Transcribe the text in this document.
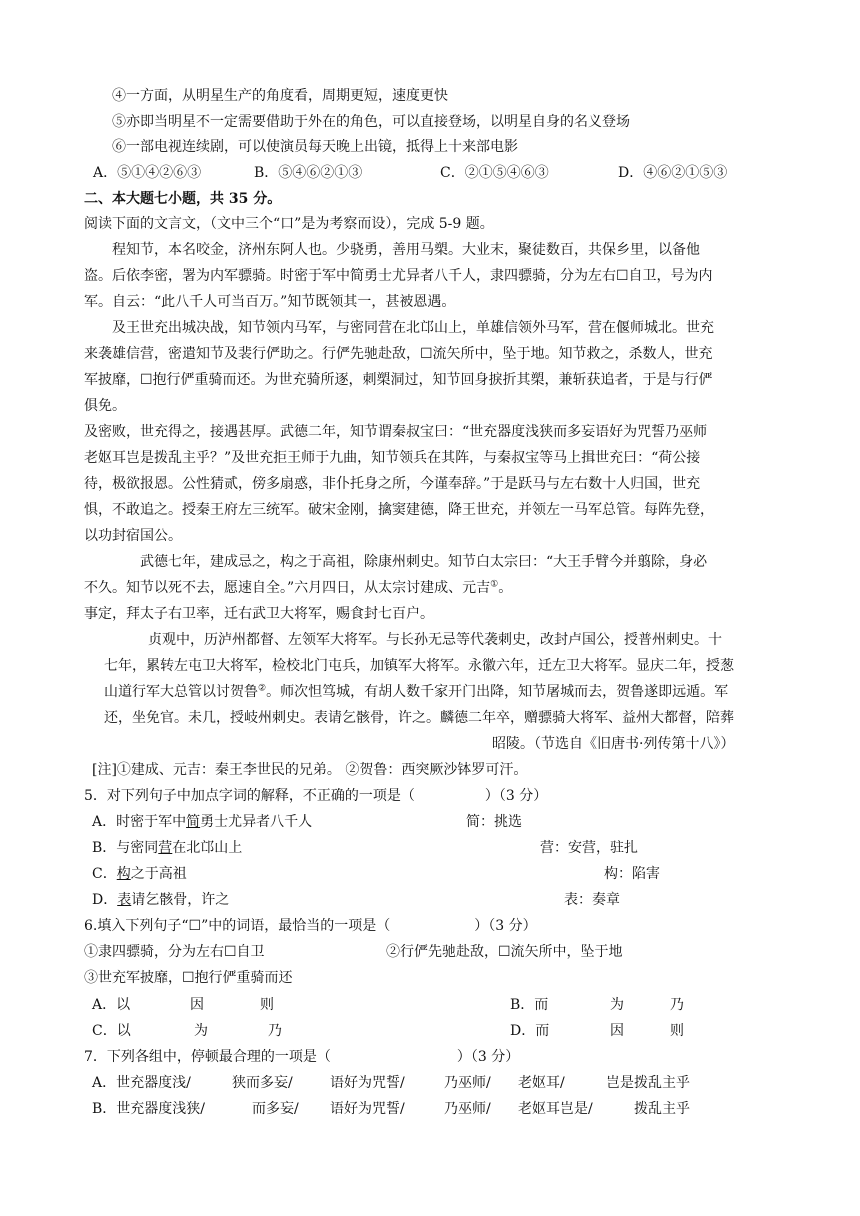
④一方面，从明星生产的角度看，周期更短，速度更快
⑤亦即当明星不一定需要借助于外在的角色，可以直接登场，以明星自身的名义登场
⑥一部电视连续剧，可以使演员每天晚上出镜，抵得上十来部电影
A．⑤①④②⑥③	B．⑤④⑥②①③	C．②①⑤④⑥③	D．④⑥②①⑤③
二、本大题七小题，共 35 分。
阅读下面的文言文，（文中三个“口”是为考察而设），完成 5-9 题。
程知节，本名咬金，济州东阿人也。少骁勇，善用马槊。大业末，聚徒数百，共保乡里，以备他
盗。后依李密，署为内军骠骑。时密于军中简勇士尤异者八千人，隶四骠骑，分为左右☐自卫，号为内
军。自云：“此八千人可当百万。”知节既领其一，甚被恩遇。
及王世充出城决战，知节领内马军，与密同营在北邙山上，单雄信领外马军，营在偃师城北。世充
来袭雄信营，密遣知节及裴行俨助之。行俨先驰赴敌，☐流矢所中，坠于地。知节救之，杀数人，世充
军披靡，☐抱行俨重骑而还。为世充骑所逐，刺槊洞过，知节回身捩折其槊，兼斩获追者，于是与行俨
俱免。
及密败，世充得之，接遇甚厚。武德二年，知节谓秦叔宝曰：“世充器度浅狭而多妄语好为咒誓乃巫师
老妪耳岂是拨乱主乎？”及世充拒王师于九曲，知节领兵在其阵，与秦叔宝等马上揖世充曰：“荷公接
待，极欲报恩。公性猜贰，傍多扇惑，非仆托身之所，今谨奉辞。”于是跃马与左右数十人归国，世充
惧，不敢追之。授秦王府左三统军。破宋金刚，擒窦建德，降王世充，并领左一马军总管。每阵先登，
以功封宿国公。
武德七年，建成忌之，构之于高祖，除康州刺史。知节白太宗曰：“大王手臂今并翦除，身必
不久。知节以死不去，愿速自全。”六月四日，从太宗讨建成、元吉①。
事定，拜太子右卫率，迁右武卫大将军，赐食封七百户。
贞观中，历泸州都督、左领军大将军。与长孙无忌等代袭刺史，改封卢国公，授普州刺史。十
七年，累转左屯卫大将军，检校北门屯兵，加镇军大将军。永徽六年，迁左卫大将军。显庆二年，授葱
山道行军大总管以讨贺鲁②。师次怛笃城，有胡人数千家开门出降，知节屠城而去，贺鲁遂即远遁。军
还，坐免官。未几，授岐州刺史。表请乞骸骨，许之。麟德二年卒，赠骠骑大将军、益州大都督，陪葬
昭陵。（节选自《旧唐书·列传第十八》）
[注]①建成、元吉：秦王李世民的兄弟。 ②贺鲁：西突厥沙钵罗可汗。
5．对下列句子中加点字词的解释，不正确的一项是（　　　　　）（3 分）
A．时密于军中简勇士尤异者八千人	简：挑选
B．与密同营在北邙山上	营：安营，驻扎
C．构之于高祖	构：陷害
D．表请乞骸骨，许之	表：奏章
6.填入下列句子“☐”中的词语，最恰当的一项是（　　　　　　）（3 分）
①隶四骠骑，分为左右☐自卫	②行俨先驰赴敌，☐流矢所中，坠于地
③世充军披靡，☐抱行俨重骑而还
A．以	因	则	B．而	为	乃
C．以	为	乃	D．而	因	则
7．下列各组中，停顿最合理的一项是（　　　　　　　　　）（3 分）
A．世充器度浅/	狭而多妄/	语好为咒誓/	乃巫师/ 老妪耳/	岂是拨乱主乎
B．世充器度浅狭/	而多妄/ 语好为咒誓/	乃巫师/ 老妪耳岂是/	拨乱主乎
